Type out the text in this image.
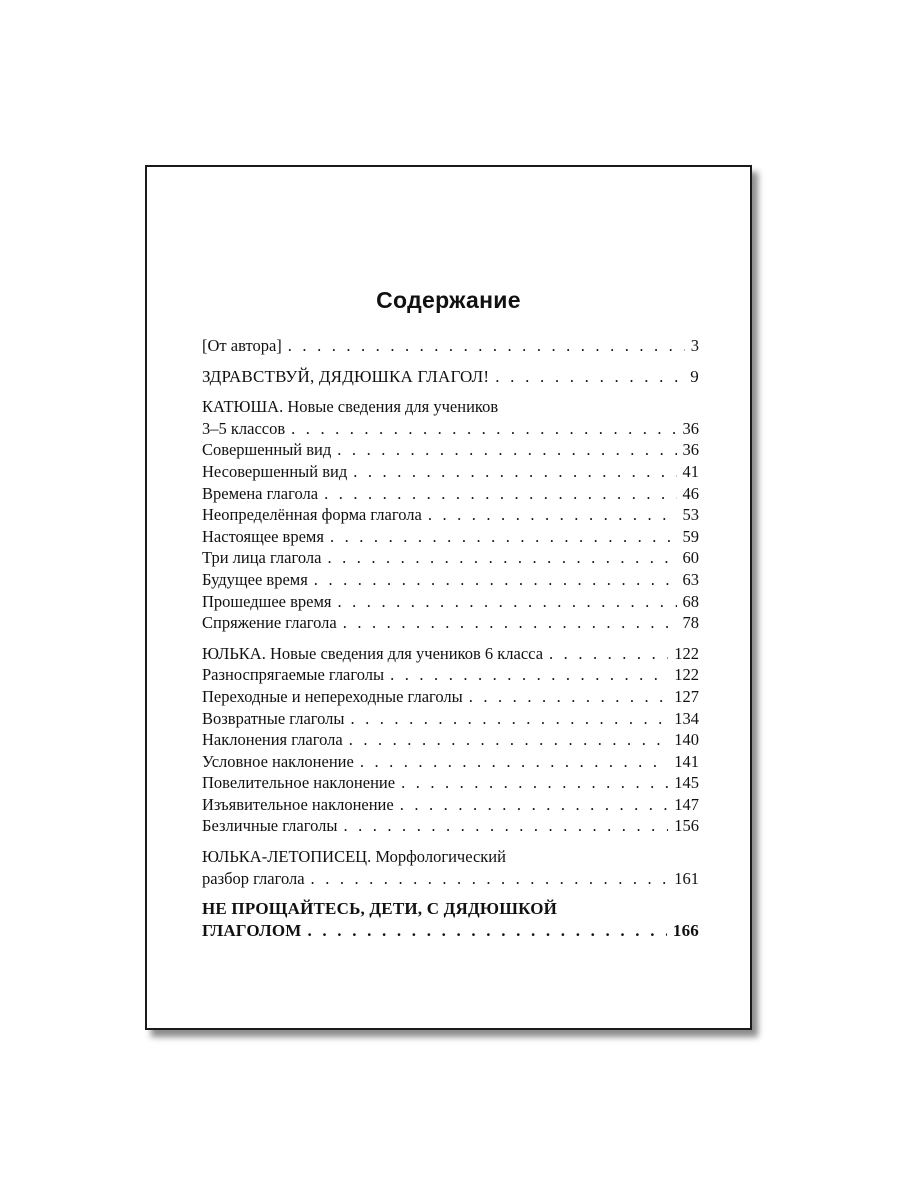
Содержание
[От автора] . . .	3
ЗДРАВСТВУЙ, ДЯДЮШКА ГЛАГОЛ! . . .	9
КАТЮША. Новые сведения для учеников
3–5 классов . . .	36
Совершенный вид . . .	36
Несовершенный вид . . .	41
Времена глагола . . .	46
Неопределённая форма глагола . . .	53
Настоящее время . . .	59
Три лица глагола . . .	60
Будущее время . . .	63
Прошедшее время . . .	68
Спряжение глагола . . .	78
ЮЛЬКА. Новые сведения для учеников 6 класса . . .	122
Разноспрягаемые глаголы . . .	122
Переходные и непереходные глаголы . . .	127
Возвратные глаголы . . .	134
Наклонения глагола . . .	140
Условное наклонение . . .	141
Повелительное наклонение . . .	145
Изъявительное наклонение . . .	147
Безличные глаголы . . .	156
ЮЛЬКА-ЛЕТОПИСЕЦ. Морфологический
разбор глагола . . .	161
НЕ ПРОЩАЙТЕСЬ, ДЕТИ, С ДЯДЮШКОЙ
ГЛАГОЛОМ . . .	166
